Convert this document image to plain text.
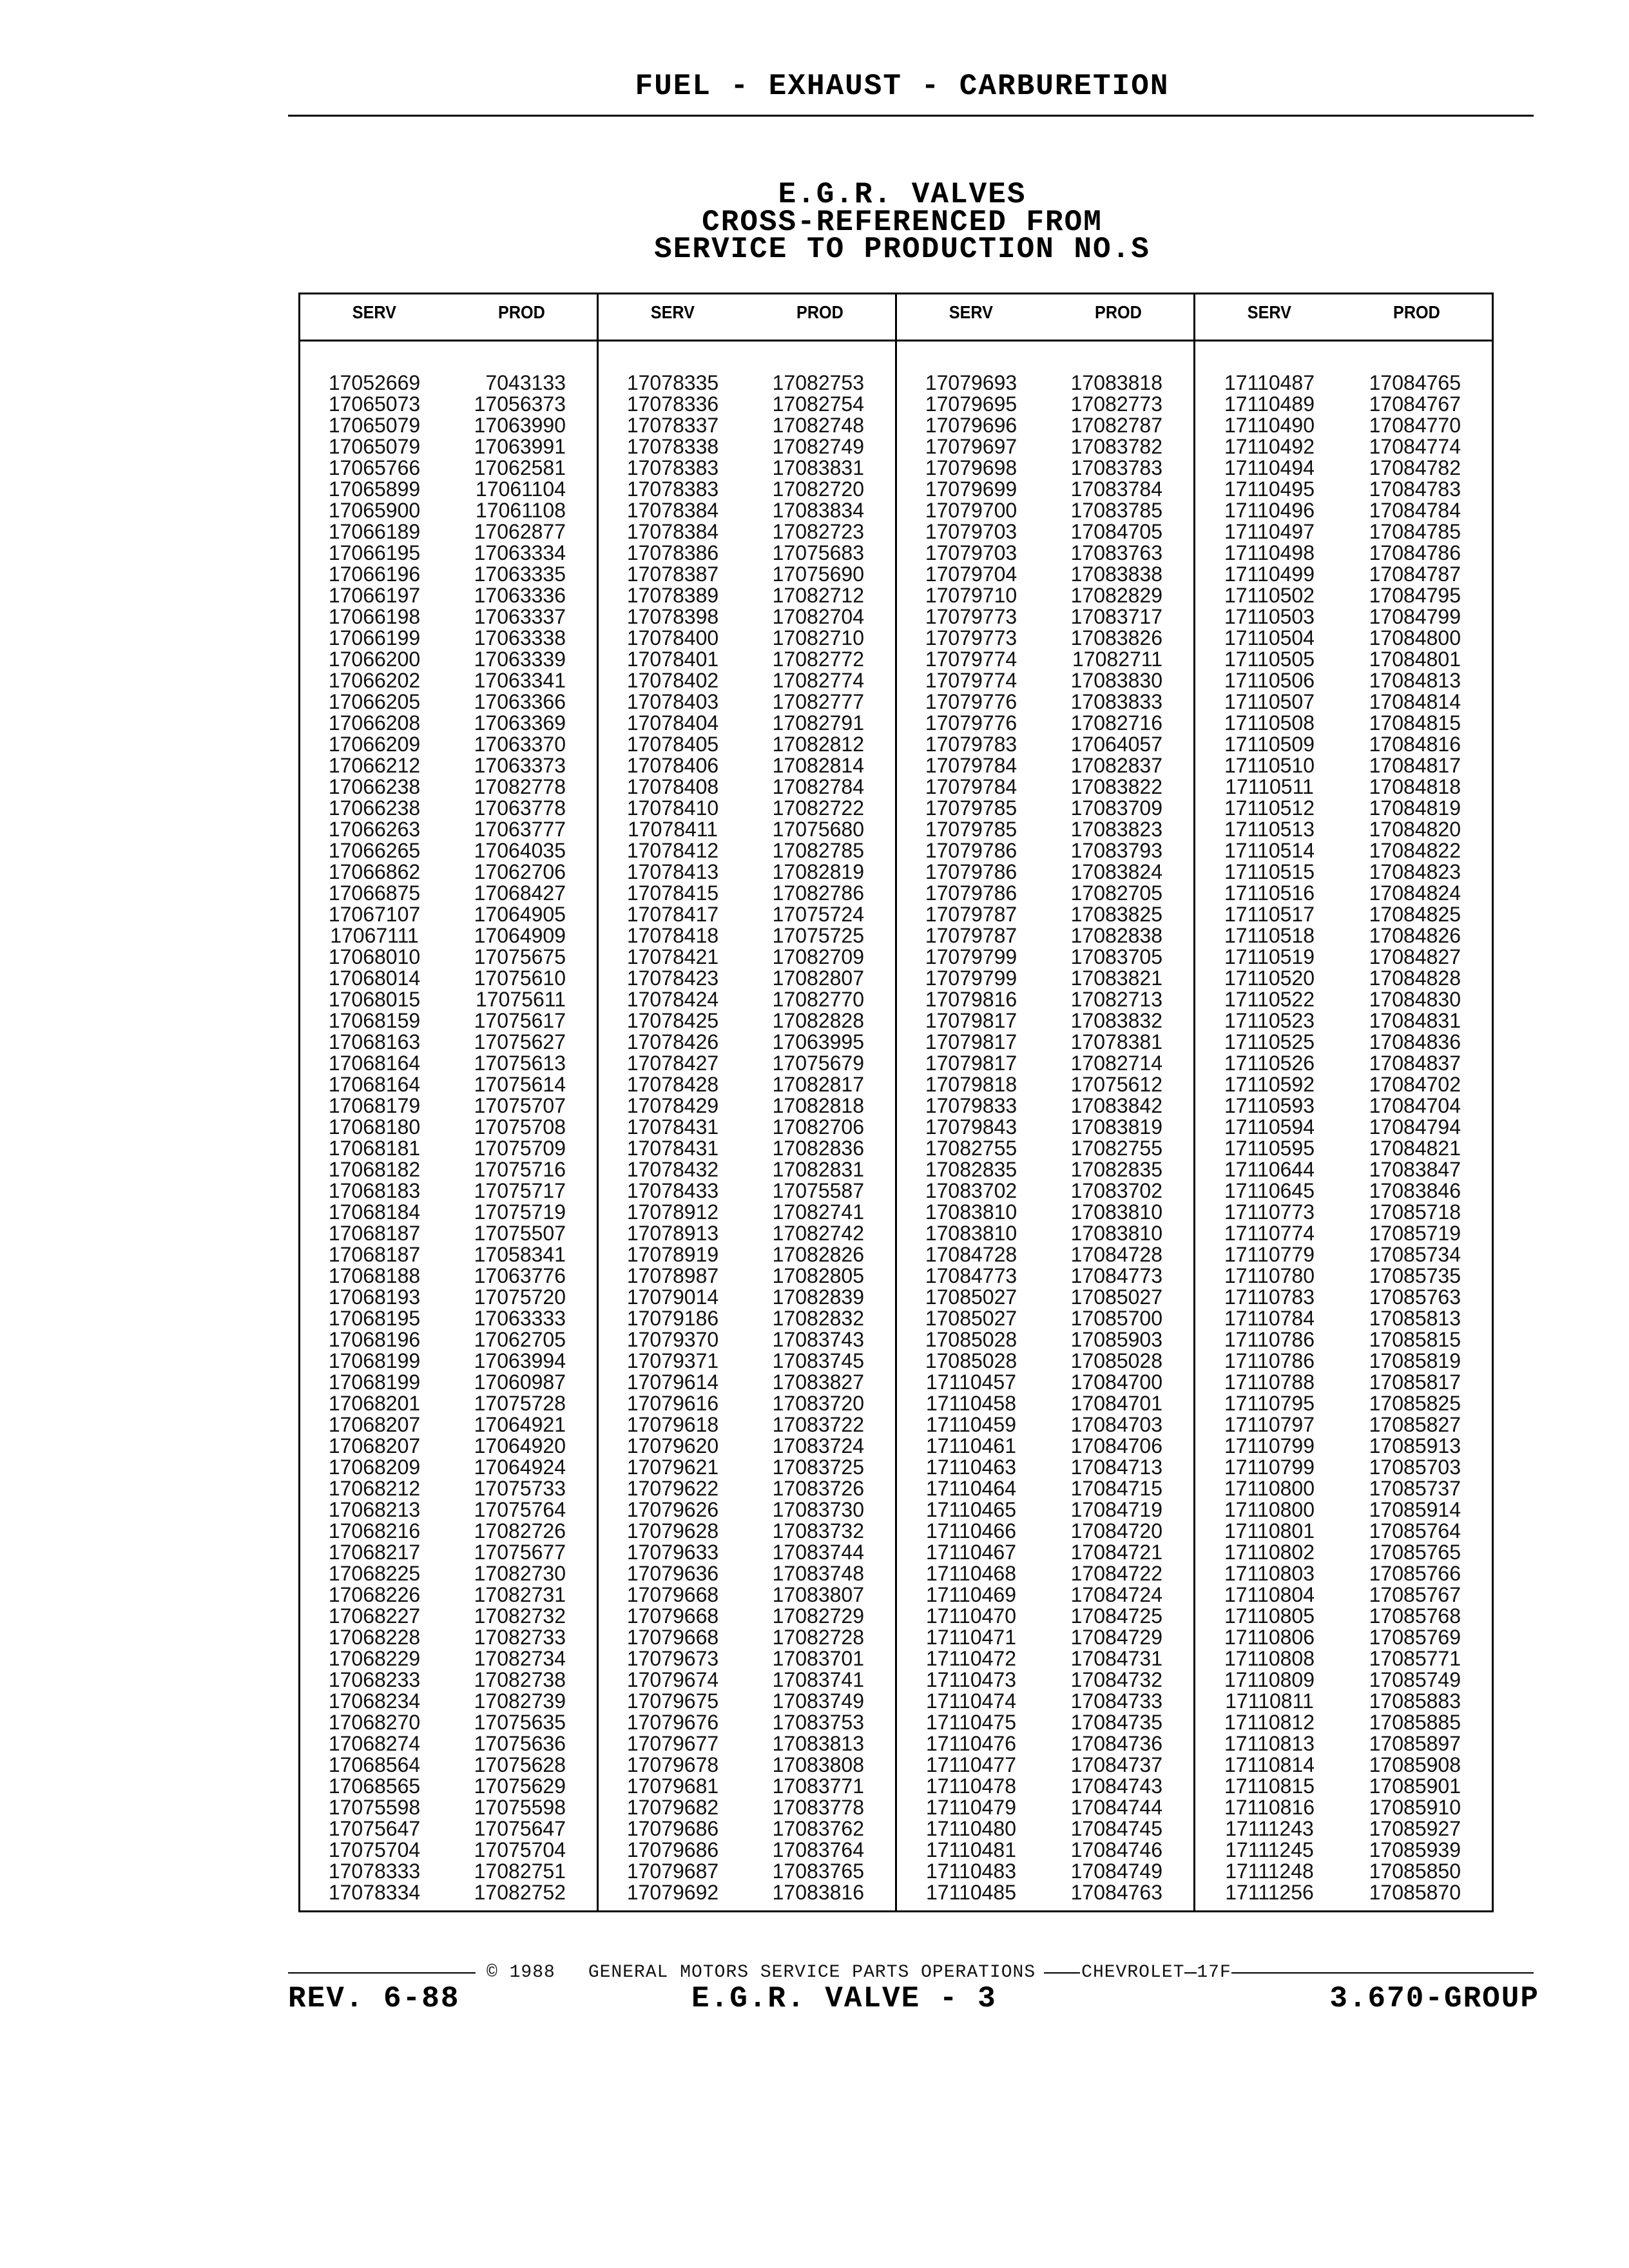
FUEL - EXHAUST - CARBURETION
E.G.R. VALVES
CROSS-REFERENCED FROM
SERVICE TO PRODUCTION NO.S
SERV	PROD
17052669	7043133
17065073	17056373
17065079	17063990
17065079	17063991
17065766	17062581
17065899	17061104
17065900	17061108
17066189	17062877
17066195	17063334
17066196	17063335
17066197	17063336
17066198	17063337
17066199	17063338
17066200	17063339
17066202	17063341
17066205	17063366
17066208	17063369
17066209	17063370
17066212	17063373
17066238	17082778
17066238	17063778
17066263	17063777
17066265	17064035
17066862	17062706
17066875	17068427
17067107	17064905
17067111	17064909
17068010	17075675
17068014	17075610
17068015	17075611
17068159	17075617
17068163	17075627
17068164	17075613
17068164	17075614
17068179	17075707
17068180	17075708
17068181	17075709
17068182	17075716
17068183	17075717
17068184	17075719
17068187	17075507
17068187	17058341
17068188	17063776
17068193	17075720
17068195	17063333
17068196	17062705
17068199	17063994
17068199	17060987
17068201	17075728
17068207	17064921
17068207	17064920
17068209	17064924
17068212	17075733
17068213	17075764
17068216	17082726
17068217	17075677
17068225	17082730
17068226	17082731
17068227	17082732
17068228	17082733
17068229	17082734
17068233	17082738
17068234	17082739
17068270	17075635
17068274	17075636
17068564	17075628
17068565	17075629
17075598	17075598
17075647	17075647
17075704	17075704
17078333	17082751
17078334	17082752
SERV	PROD
17078335	17082753
17078336	17082754
17078337	17082748
17078338	17082749
17078383	17083831
17078383	17082720
17078384	17083834
17078384	17082723
17078386	17075683
17078387	17075690
17078389	17082712
17078398	17082704
17078400	17082710
17078401	17082772
17078402	17082774
17078403	17082777
17078404	17082791
17078405	17082812
17078406	17082814
17078408	17082784
17078410	17082722
17078411	17075680
17078412	17082785
17078413	17082819
17078415	17082786
17078417	17075724
17078418	17075725
17078421	17082709
17078423	17082807
17078424	17082770
17078425	17082828
17078426	17063995
17078427	17075679
17078428	17082817
17078429	17082818
17078431	17082706
17078431	17082836
17078432	17082831
17078433	17075587
17078912	17082741
17078913	17082742
17078919	17082826
17078987	17082805
17079014	17082839
17079186	17082832
17079370	17083743
17079371	17083745
17079614	17083827
17079616	17083720
17079618	17083722
17079620	17083724
17079621	17083725
17079622	17083726
17079626	17083730
17079628	17083732
17079633	17083744
17079636	17083748
17079668	17083807
17079668	17082729
17079668	17082728
17079673	17083701
17079674	17083741
17079675	17083749
17079676	17083753
17079677	17083813
17079678	17083808
17079681	17083771
17079682	17083778
17079686	17083762
17079686	17083764
17079687	17083765
17079692	17083816
SERV	PROD
17079693	17083818
17079695	17082773
17079696	17082787
17079697	17083782
17079698	17083783
17079699	17083784
17079700	17083785
17079703	17084705
17079703	17083763
17079704	17083838
17079710	17082829
17079773	17083717
17079773	17083826
17079774	17082711
17079774	17083830
17079776	17083833
17079776	17082716
17079783	17064057
17079784	17082837
17079784	17083822
17079785	17083709
17079785	17083823
17079786	17083793
17079786	17083824
17079786	17082705
17079787	17083825
17079787	17082838
17079799	17083705
17079799	17083821
17079816	17082713
17079817	17083832
17079817	17078381
17079817	17082714
17079818	17075612
17079833	17083842
17079843	17083819
17082755	17082755
17082835	17082835
17083702	17083702
17083810	17083810
17083810	17083810
17084728	17084728
17084773	17084773
17085027	17085027
17085027	17085700
17085028	17085903
17085028	17085028
17110457	17084700
17110458	17084701
17110459	17084703
17110461	17084706
17110463	17084713
17110464	17084715
17110465	17084719
17110466	17084720
17110467	17084721
17110468	17084722
17110469	17084724
17110470	17084725
17110471	17084729
17110472	17084731
17110473	17084732
17110474	17084733
17110475	17084735
17110476	17084736
17110477	17084737
17110478	17084743
17110479	17084744
17110480	17084745
17110481	17084746
17110483	17084749
17110485	17084763
SERV	PROD
17110487	17084765
17110489	17084767
17110490	17084770
17110492	17084774
17110494	17084782
17110495	17084783
17110496	17084784
17110497	17084785
17110498	17084786
17110499	17084787
17110502	17084795
17110503	17084799
17110504	17084800
17110505	17084801
17110506	17084813
17110507	17084814
17110508	17084815
17110509	17084816
17110510	17084817
17110511	17084818
17110512	17084819
17110513	17084820
17110514	17084822
17110515	17084823
17110516	17084824
17110517	17084825
17110518	17084826
17110519	17084827
17110520	17084828
17110522	17084830
17110523	17084831
17110525	17084836
17110526	17084837
17110592	17084702
17110593	17084704
17110594	17084794
17110595	17084821
17110644	17083847
17110645	17083846
17110773	17085718
17110774	17085719
17110779	17085734
17110780	17085735
17110783	17085763
17110784	17085813
17110786	17085815
17110786	17085819
17110788	17085817
17110795	17085825
17110797	17085827
17110799	17085913
17110799	17085703
17110800	17085737
17110800	17085914
17110801	17085764
17110802	17085765
17110803	17085766
17110804	17085767
17110805	17085768
17110806	17085769
17110808	17085771
17110809	17085749
17110811	17085883
17110812	17085885
17110813	17085897
17110814	17085908
17110815	17085901
17110816	17085910
17111243	17085927
17111245	17085939
17111248	17085850
17111256	17085870
© 1988 GENERAL MOTORS SERVICE PARTS OPERATIONS	CHEVROLET 17F
REV. 6-88	E.G.R. VALVE - 3	3.670-GROUP
